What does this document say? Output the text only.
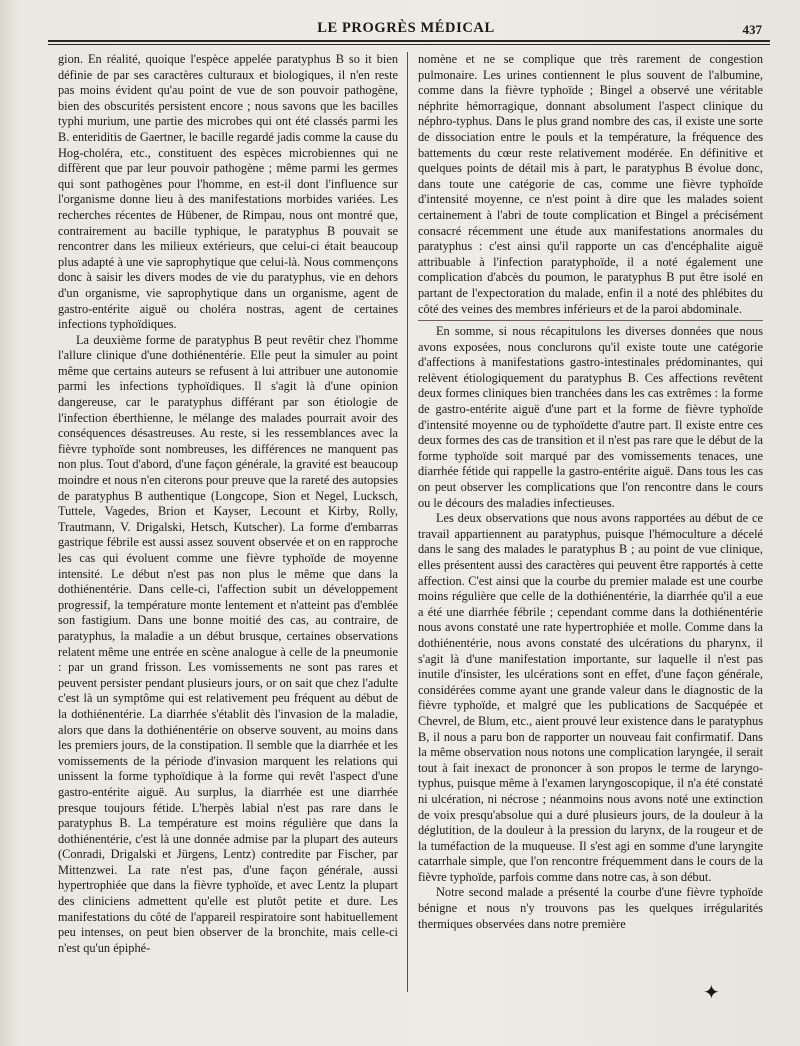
LE PROGRÈS MÉDICAL	437

gion. En réalité, quoique l'espèce appelée paratyphus B so it bien définie de par ses caractères culturaux et biologiques, il n'en reste pas moins évident qu'au point de vue de son pouvoir pathogène, bien des obscurités persistent encore ; nous savons que les bacilles typhi murium, une partie des microbes qui ont été classés parmi les B. enteriditis de Gaertner, le bacille regardé jadis comme la cause du Hog-choléra, etc., constituent des espèces microbiennes qui ne diffèrent que par leur pouvoir pathogène ; même parmi les germes qui sont pathogènes pour l'homme, en est-il dont l'influence sur l'organisme donne lieu à des manifestations morbides variées. Les recherches récentes de Hübener, de Rimpau, nous ont montré que, contrairement au bacille typhique, le paratyphus B pouvait se rencontrer dans les milieux extérieurs, que celui-ci était beaucoup plus adapté à une vie saprophytique que celui-là. Nous commençons donc à saisir les divers modes de vie du paratyphus, vie en dehors d'un organisme, vie saprophytique dans un organisme, agent de gastro-entérite aiguë ou choléra nostras, agent de certaines infections typhoïdiques.

La deuxième forme de paratyphus B peut revêtir chez l'homme l'allure clinique d'une dothiénentérie. Elle peut la simuler au point même que certains auteurs se refusent à lui attribuer une autonomie parmi les infections typhoïdiques. Il s'agit là d'une opinion dangereuse, car le paratyphus différant par son étiologie de l'infection éberthienne, le mélange des malades pourrait avoir des conséquences désastreuses. Au reste, si les ressemblances avec la fièvre typhoïde sont nombreuses, les différences ne manquent pas non plus. Tout d'abord, d'une façon générale, la gravité est beaucoup moindre et nous n'en citerons pour preuve que la rareté des autopsies de paratyphus B authentique (Longcope, Sion et Negel, Lucksch, Tuttele, Vagedes, Brion et Kayser, Lecount et Kirby, Rolly, Trautmann, V. Drigalski, Hetsch, Kutscher). La forme d'embarras gastrique fébrile est aussi assez souvent observée et on en rapproche les cas qui évoluent comme une fièvre typhoïde de moyenne intensité. Le début n'est pas non plus le même que dans la dothiénentérie. Dans celle-ci, l'affection subit un développement progressif, la température monte lentement et n'atteint pas d'emblée son fastigium. Dans une bonne moitié des cas, au contraire, de paratyphus, la maladie a un début brusque, certaines observations relatent même une entrée en scène analogue à celle de la pneumonie : par un grand frisson. Les vomissements ne sont pas rares et peuvent persister pendant plusieurs jours, or on sait que chez l'adulte c'est là un symptôme qui est relativement peu fréquent au début de la dothiénentérie. La diarrhée s'établit dès l'invasion de la maladie, alors que dans la dothiénentérie on observe souvent, au moins dans les premiers jours, de la constipation. Il semble que la diarrhée et les vomissements de la période d'invasion marquent les relations qui unissent la forme typhoïdique à la forme qui revêt l'aspect d'une gastro-entérite aiguë. Au surplus, la diarrhée est une diarrhée presque toujours fétide. L'herpès labial n'est pas rare dans le paratyphus B. La température est moins régulière que dans la dothiénentérie, c'est là une donnée admise par la plupart des auteurs (Conradi, Drigalski et Jürgens, Lentz) contredite par Fischer, par Mittenzwei. La rate n'est pas, d'une façon générale, aussi hypertrophiée que dans la fièvre typhoïde, et avec Lentz la plupart des cliniciens admettent qu'elle est plutôt petite et dure. Les manifestations du côté de l'appareil respiratoire sont habituellement peu intenses, on peut bien observer de la bronchite, mais celle-ci n'est qu'un épiphé-

nomène et ne se complique que très rarement de congestion pulmonaire. Les urines contiennent le plus souvent de l'albumine, comme dans la fièvre typhoïde ; Bingel a observé une véritable néphrite hémorragique, donnant absolument l'aspect clinique du néphro-typhus. Dans le plus grand nombre des cas, il existe une sorte de dissociation entre le pouls et la température, la fréquence des battements du cœur reste relativement modérée. En définitive et quelques points de détail mis à part, le paratyphus B évolue donc, dans toute une catégorie de cas, comme une fièvre typhoïde d'intensité moyenne, ce n'est point à dire que les malades soient certainement à l'abri de toute complication et Bingel a précisément consacré récemment une étude aux manifestations anormales du paratyphus : c'est ainsi qu'il rapporte un cas d'encéphalite aiguë attribuable à l'infection paratyphoïde, il a noté également une complication d'abcès du poumon, le paratyphus B put être isolé en partant de l'expectoration du malade, enfin il a noté des phlébites du côté des veines des membres inférieurs et de la paroi abdominale.

En somme, si nous récapitulons les diverses données que nous avons exposées, nous conclurons qu'il existe toute une catégorie d'affections à manifestations gastro-intestinales prédominantes, qui relèvent étiologiquement du paratyphus B. Ces affections revêtent deux formes cliniques bien tranchées dans les cas extrêmes : la forme de gastro-entérite aiguë d'une part et la forme de fièvre typhoïde d'intensité moyenne ou de typhoïdette d'autre part. Il existe entre ces deux formes des cas de transition et il n'est pas rare que le début de la forme typhoïde soit marqué par des vomissements tenaces, une diarrhée fétide qui rappelle la gastro-entérite aiguë. Dans tous les cas on peut observer les complications que l'on rencontre dans le cours ou le décours des maladies infectieuses.

Les deux observations que nous avons rapportées au début de ce travail appartiennent au paratyphus, puisque l'hémoculture a décelé dans le sang des malades le paratyphus B ; au point de vue clinique, elles présentent aussi des caractères qui peuvent être rapportés à cette affection. C'est ainsi que la courbe du premier malade est une courbe moins régulière que celle de la dothiénentérie, la diarrhée qu'il a eue a été une diarrhée fébrile ; cependant comme dans la dothiénentérie nous avons constaté une rate hypertrophiée et molle. Comme dans la dothiénentérie, nous avons constaté des ulcérations du pharynx, il s'agit là d'une manifestation importante, sur laquelle il n'est pas inutile d'insister, les ulcérations sont en effet, d'une façon générale, considérées comme ayant une grande valeur dans le diagnostic de la fièvre typhoïde, et malgré que les publications de Sacquépée et Chevrel, de Blum, etc., aient prouvé leur existence dans le paratyphus B, il nous a paru bon de rapporter un nouveau fait confirmatif. Dans la même observation nous notons une complication laryngée, il serait tout à fait inexact de prononcer à son propos le terme de laryngo-typhus, puisque même à l'examen laryngoscopique, il n'a été constaté ni ulcération, ni nécrose ; néanmoins nous avons noté une extinction de voix presqu'absolue qui a duré plusieurs jours, de la douleur à la déglutition, de la douleur à la pression du larynx, de la rougeur et de la tuméfaction de la muqueuse. Il s'est agi en somme d'une laryngite catarrhale simple, que l'on rencontre fréquemment dans le cours de la fièvre typhoïde, parfois comme dans notre cas, à son début.

Notre second malade a présenté la courbe d'une fièvre typhoïde bénigne et nous n'y trouvons pas les quelques irrégularités thermiques observées dans notre première

✦
